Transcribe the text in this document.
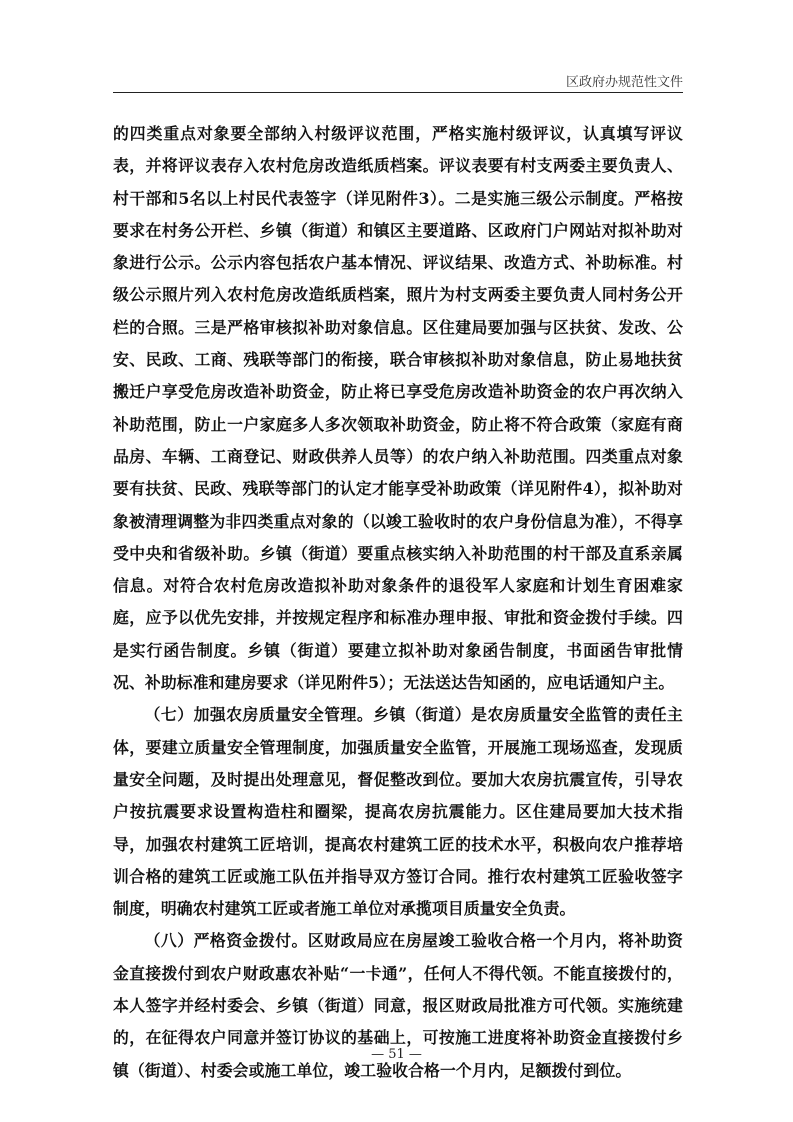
区政府办规范性文件

的四类重点对象要全部纳入村级评议范围，严格实施村级评议，认真填写评议表，并将评议表存入农村危房改造纸质档案。评议表要有村支两委主要负责人、村干部和5名以上村民代表签字（详见附件3）。二是实施三级公示制度。严格按要求在村务公开栏、乡镇（街道）和镇区主要道路、区政府门户网站对拟补助对象进行公示。公示内容包括农户基本情况、评议结果、改造方式、补助标准。村级公示照片列入农村危房改造纸质档案，照片为村支两委主要负责人同村务公开栏的合照。三是严格审核拟补助对象信息。区住建局要加强与区扶贫、发改、公安、民政、工商、残联等部门的衔接，联合审核拟补助对象信息，防止易地扶贫搬迁户享受危房改造补助资金，防止将已享受危房改造补助资金的农户再次纳入补助范围，防止一户家庭多人多次领取补助资金，防止将不符合政策（家庭有商品房、车辆、工商登记、财政供养人员等）的农户纳入补助范围。四类重点对象要有扶贫、民政、残联等部门的认定才能享受补助政策（详见附件4），拟补助对象被清理调整为非四类重点对象的（以竣工验收时的农户身份信息为准），不得享受中央和省级补助。乡镇（街道）要重点核实纳入补助范围的村干部及直系亲属信息。对符合农村危房改造拟补助对象条件的退役军人家庭和计划生育困难家庭，应予以优先安排，并按规定程序和标准办理申报、审批和资金拨付手续。四是实行函告制度。乡镇（街道）要建立拟补助对象函告制度，书面函告审批情况、补助标准和建房要求（详见附件5）；无法送达告知函的，应电话通知户主。

（七）加强农房质量安全管理。乡镇（街道）是农房质量安全监管的责任主体，要建立质量安全管理制度，加强质量安全监管，开展施工现场巡查，发现质量安全问题，及时提出处理意见，督促整改到位。要加大农房抗震宣传，引导农户按抗震要求设置构造柱和圈梁，提高农房抗震能力。区住建局要加大技术指导，加强农村建筑工匠培训，提高农村建筑工匠的技术水平，积极向农户推荐培训合格的建筑工匠或施工队伍并指导双方签订合同。推行农村建筑工匠验收签字制度，明确农村建筑工匠或者施工单位对承揽项目质量安全负责。

（八）严格资金拨付。区财政局应在房屋竣工验收合格一个月内，将补助资金直接拨付到农户财政惠农补贴“一卡通”，任何人不得代领。不能直接拨付的，本人签字并经村委会、乡镇（街道）同意，报区财政局批准方可代领。实施统建的，在征得农户同意并签订协议的基础上，可按施工进度将补助资金直接拨付乡镇（街道）、村委会或施工单位，竣工验收合格一个月内，足额拨付到位。

— 51 —
